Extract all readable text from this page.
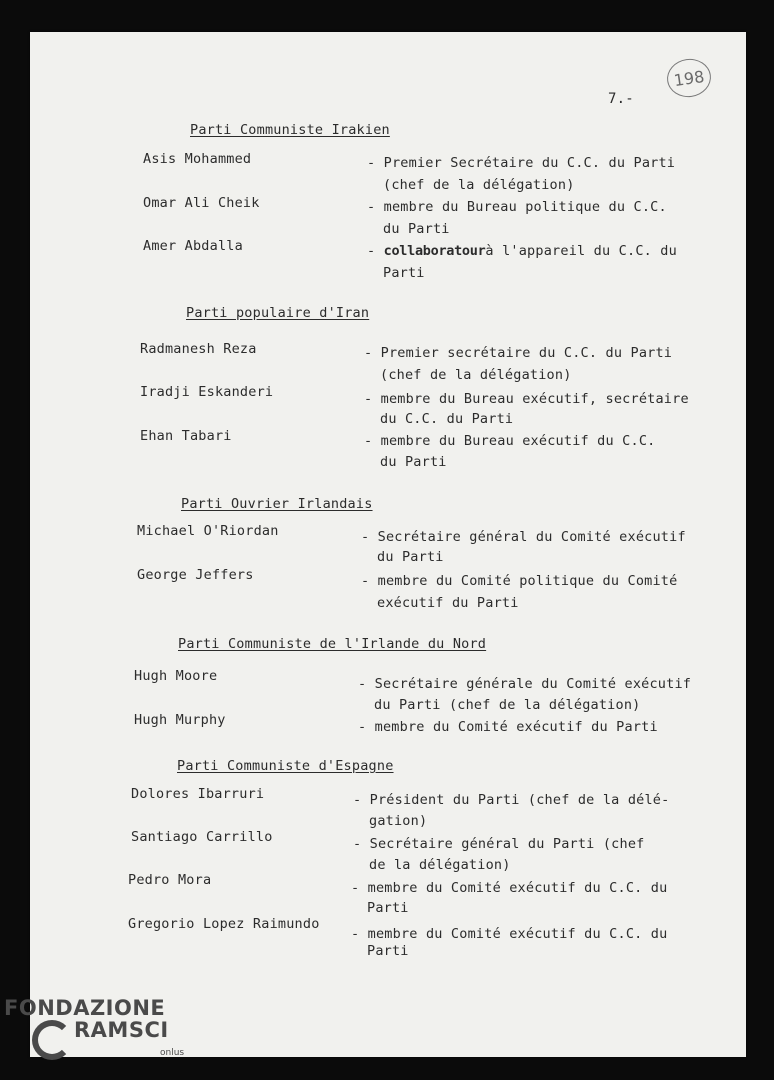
198
7.-
Parti Communiste Irakien
Asis Mohammed	- Premier Secrétaire du C.C. du Parti
(chef de la délégation)
Omar Ali Cheik	- membre du Bureau politique du C.C.
du Parti
Amer Abdalla	- collaboratourà l'appareil du C.C. du
Parti
Parti populaire d'Iran
Radmanesh Reza	- Premier secrétaire du C.C. du Parti
(chef de la délégation)
Iradji Eskanderi	- membre du Bureau exécutif, secrétaire
du C.C. du Parti
Ehan Tabari	- membre du Bureau exécutif du C.C.
du Parti
Parti Ouvrier Irlandais
Michael O'Riordan	- Secrétaire général du Comité exécutif
du Parti
George Jeffers	- membre du Comité politique du Comité
exécutif du Parti
Parti Communiste de l'Irlande du Nord
Hugh Moore	- Secrétaire générale du Comité exécutif
du Parti (chef de la délégation)
Hugh Murphy	- membre du Comité exécutif du Parti
Parti Communiste d'Espagne
Dolores Ibarruri	- Président du Parti (chef de la délé-
gation)
Santiago Carrillo	- Secrétaire général du Parti (chef
de la délégation)
Pedro Mora	- membre du Comité exécutif du C.C. du
Parti
Gregorio Lopez Raimundo
- membre du Comité exécutif du C.C. du
Parti
FONDAZIONE
RAMSCI
onlus
